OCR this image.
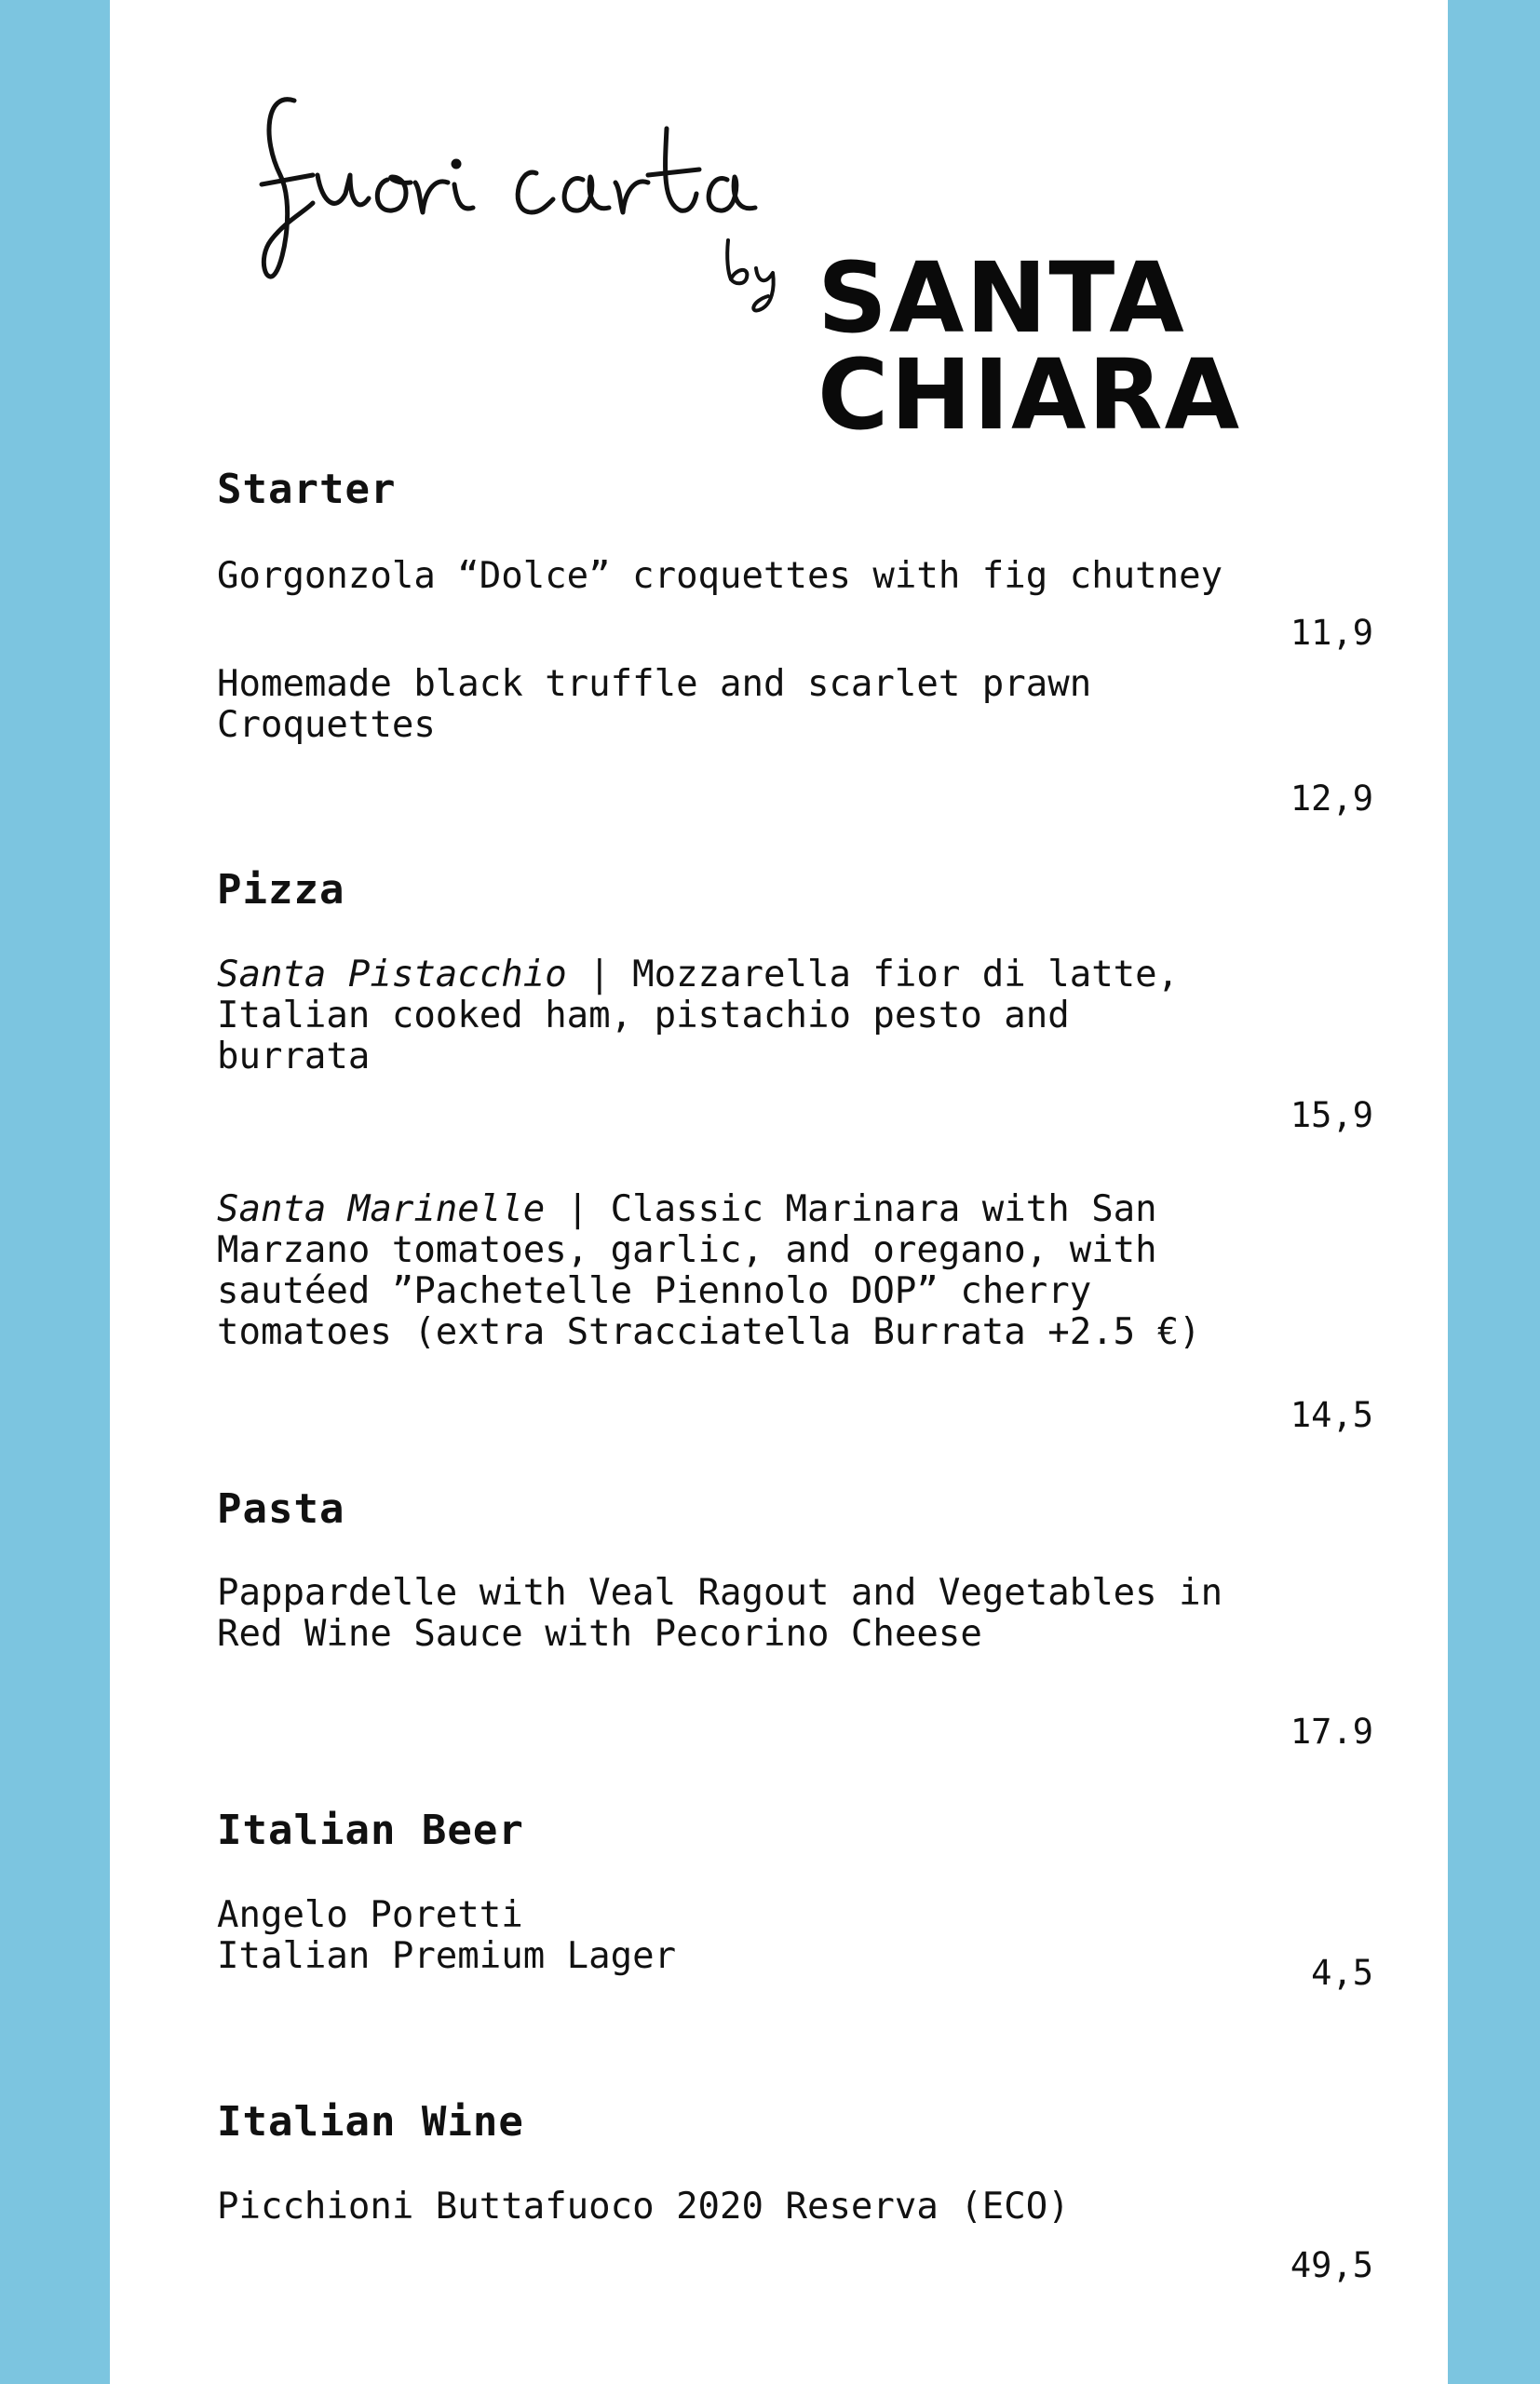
SANTA
CHIARA
Starter

Gorgonzola “Dolce” croquettes with fig chutney

11,9

Homemade black truffle and scarlet prawn
Croquettes

12,9
Pizza

Santa Pistacchio | Mozzarella fior di latte,
Italian cooked ham, pistachio pesto and
burrata

15,9

Santa Marinelle | Classic Marinara with San
Marzano tomatoes, garlic, and oregano, with
sautéed ”Pachetelle Piennolo DOP” cherry
tomatoes (extra Stracciatella Burrata +2.5 €)

14,5
Pasta

Pappardelle with Veal Ragout and Vegetables in
Red Wine Sauce with Pecorino Cheese

17.9
Italian Beer

Angelo Poretti
Italian Premium Lager	4,5
Italian Wine

Picchioni Buttafuoco 2020 Reserva (ECO)

49,5
